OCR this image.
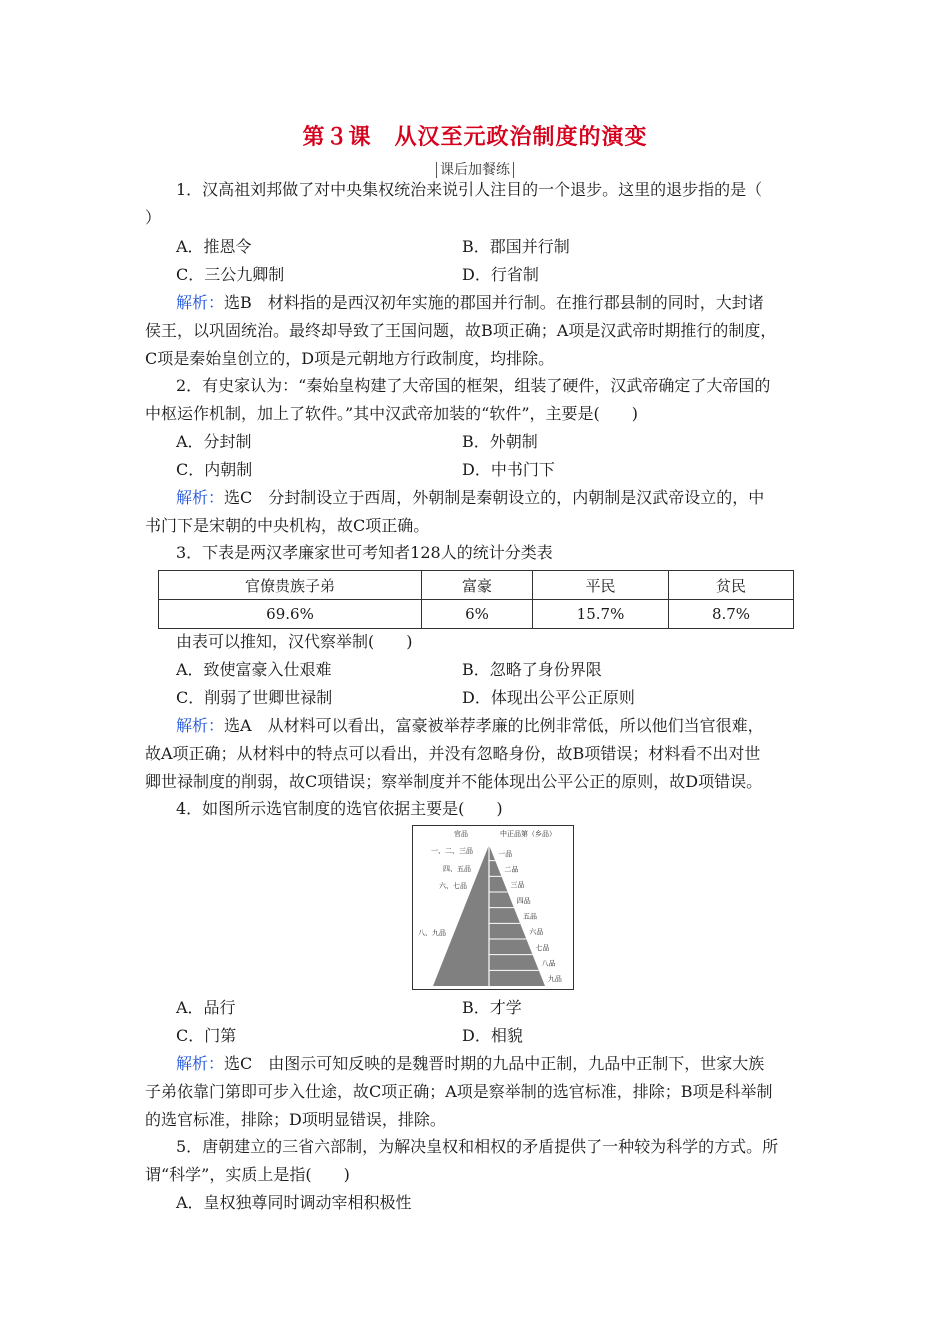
第３课　从汉至元政治制度的演变
课后加餐练
1．汉高祖刘邦做了对中央集权统治来说引人注目的一个退步。这里的退步指的是（
）
A．推恩令	B．郡国并行制
C．三公九卿制	D．行省制
解析：选B　材料指的是西汉初年实施的郡国并行制。在推行郡县制的同时，大封诸
侯王，以巩固统治。最终却导致了王国问题，故B项正确；A项是汉武帝时期推行的制度，
C项是秦始皇创立的，D项是元朝地方行政制度，均排除。
2．有史家认为：“秦始皇构建了大帝国的框架，组装了硬件，汉武帝确定了大帝国的
中枢运作机制，加上了软件。”其中汉武帝加装的“软件”，主要是(　　)
A．分封制	B．外朝制
C．内朝制	D．中书门下
解析：选C　分封制设立于西周，外朝制是秦朝设立的，内朝制是汉武帝设立的，中
书门下是宋朝的中央机构，故C项正确。
3．下表是两汉孝廉家世可考知者128人的统计分类表
官僚贵族子弟	富豪	平民	贫民
69.6%	6%	15.7%	8.7%
由表可以推知，汉代察举制(　　)
A．致使富豪入仕艰难	B．忽略了身份界限
C．削弱了世卿世禄制	D．体现出公平公正原则
解析：选A　从材料可以看出，富豪被举荐孝廉的比例非常低，所以他们当官很难，
故A项正确；从材料中的特点可以看出，并没有忽略身份，故B项错误；材料看不出对世
卿世禄制度的削弱，故C项错误；察举制度并不能体现出公平公正的原则，故D项错误。
4．如图所示选官制度的选官依据主要是(　　)
官品	中正品第（乡品）
一、二、三品
四、五品
六、七品
八、九品
一品
二品
三品
四品
五品
六品
七品
八品
九品
A．品行	B．才学
C．门第	D．相貌
解析：选C　由图示可知反映的是魏晋时期的九品中正制，九品中正制下，世家大族
子弟依靠门第即可步入仕途，故C项正确；A项是察举制的选官标准，排除；B项是科举制
的选官标准，排除；D项明显错误，排除。
5．唐朝建立的三省六部制，为解决皇权和相权的矛盾提供了一种较为科学的方式。所
谓“科学”，实质上是指(　　)
A．皇权独尊同时调动宰相积极性
